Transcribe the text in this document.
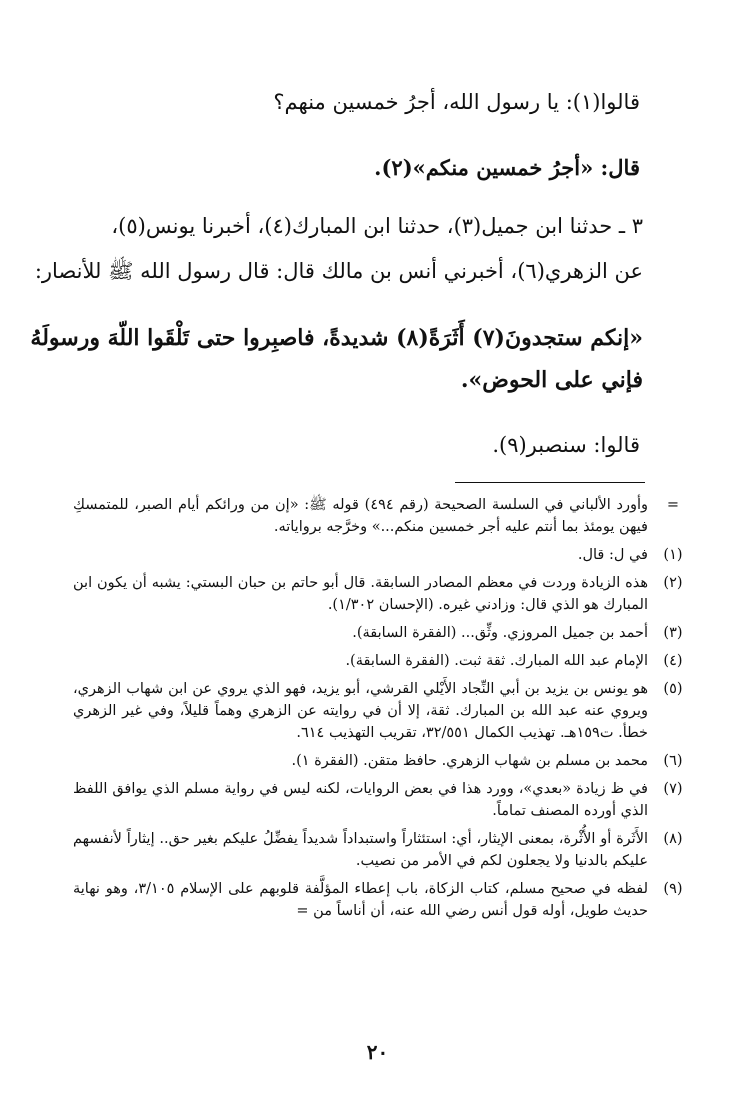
قالوا(١): يا رسول الله، أجرُ خمسين منهم؟
قال: «أجرُ خمسين منكم»(٢).
٣ ـ حدثنا ابن جميل(٣)، حدثنا ابن المبارك(٤)، أخبرنا يونس(٥)،
عن الزهري(٦)، أخبرني أنس بن مالك قال: قال رسول الله ﷺ للأنصار:
«إنكم ستجدونَ(٧) أَثَرَةً(٨) شديدةً، فاصبِروا حتى تَلْقَوا اللّهَ ورسولَهُ
فإني على الحوض».
قالوا: سنصبر(٩).
=
وأورد الألباني في السلسة الصحيحة (رقم ٤٩٤) قوله ﷺ: «إن من ورائكم أيام الصبر، للمتمسكِ فيهن يومئذ بما أنتم عليه أجر خمسين منكم...» وخرَّجه برواياته.
(١)
في ل: قال.
(٢)
هذه الزيادة وردت في معظم المصادر السابقة. قال أبو حاتم بن حبان البستي: يشبه أن يكون ابن المبارك هو الذي قال: وزادني غيره. (الإحسان ١/٣٠٢).
(٣)
أحمد بن جميل المروزي. وثِّق... (الفقرة السابقة).
(٤)
الإمام عبد الله المبارك. ثقة ثبت. (الفقرة السابقة).
(٥)
هو يونس بن يزيد بن أبي النِّجاد الأَيْلي القرشي، أبو يزيد، فهو الذي يروي عن ابن شهاب الزهري، ويروي عنه عبد الله بن المبارك. ثقة، إلا أن في روايته عن الزهري وهماً قليلاً، وفي غير الزهري خطأ. ت١٥٩هـ. تهذيب الكمال ٣٢/٥٥١، تقريب التهذيب ٦١٤.
(٦)
محمد بن مسلم بن شهاب الزهري. حافظ متقن. (الفقرة ١).
(٧)
في ظ زيادة «بعدي»، وورد هذا في بعض الروايات، لكنه ليس في رواية مسلم الذي يوافق اللفظ الذي أورده المصنف تماماً.
(٨)
الأَثَرة أو الأُثْرة، بمعنى الإيثار، أي: استئثاراً واستبداداً شديداً يفضِّلُ عليكم بغير حق.. إيثاراً لأنفسهم عليكم بالدنيا ولا يجعلون لكم في الأمر من نصيب.
(٩)
لفظه في صحيح مسلم، كتاب الزكاة، باب إعطاء المؤلَّفة قلوبهم على الإسلام ٣/١٠٥، وهو نهاية حديث طويل، أوله قول أنس رضي الله عنه، أن أناساً من =
٢٠
